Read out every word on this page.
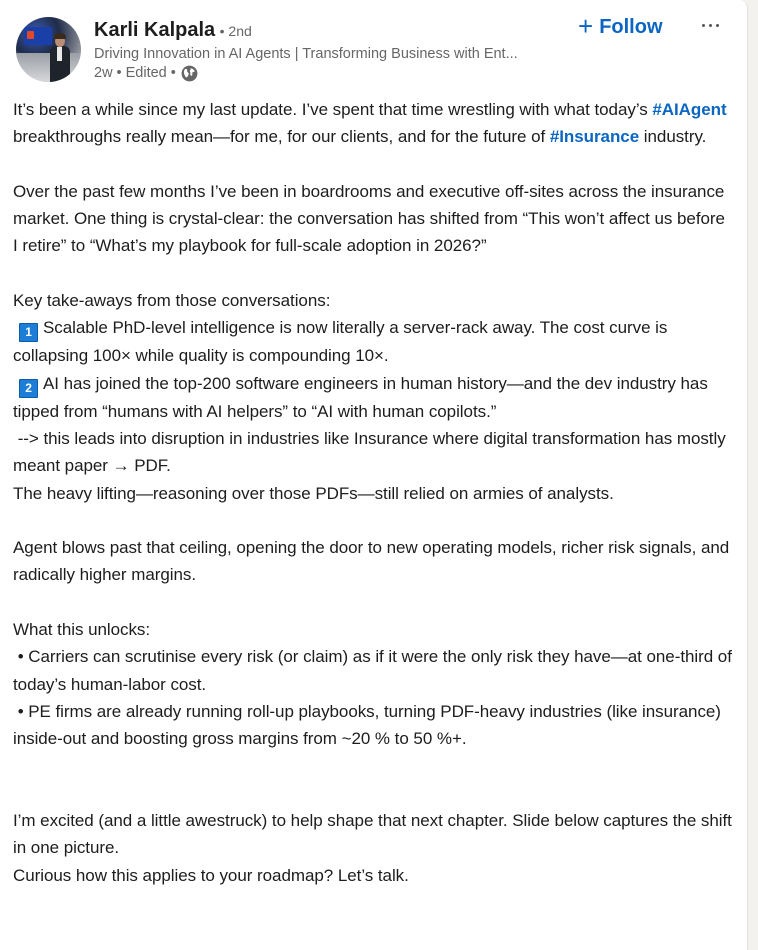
Karli Kalpala • 2nd
Driving Innovation in AI Agents | Transforming Business with Ent...
2w • Edited •
+ Follow

It’s been a while since my last update. I’ve spent that time wrestling with what today’s #AIAgent breakthroughs really mean—for me, for our clients, and for the future of #Insurance industry.

Over the past few months I’ve been in boardrooms and executive off-sites across the insurance market. One thing is crystal-clear: the conversation has shifted from “This won’t affect us before I retire” to “What’s my playbook for full-scale adoption in 2026?”

Key take-aways from those conversations:

1 Scalable PhD-level intelligence is now literally a server-rack away. The cost curve is collapsing 100× while quality is compounding 10×.

2 AI has joined the top-200 software engineers in human history—and the dev industry has tipped from “humans with AI helpers” to “AI with human copilots.”

--> this leads into disruption in industries like Insurance where digital transformation has mostly meant paper → PDF.

The heavy lifting—reasoning over those PDFs—still relied on armies of analysts.

Agent blows past that ceiling, opening the door to new operating models, richer risk signals, and radically higher margins.

What this unlocks:

• Carriers can scrutinise every risk (or claim) as if it were the only risk they have—at one-third of today’s human-labor cost.

• PE firms are already running roll-up playbooks, turning PDF-heavy industries (like insurance) inside-out and boosting gross margins from ~20 % to 50 %+.

I’m excited (and a little awestruck) to help shape that next chapter. Slide below captures the shift in one picture.

Curious how this applies to your roadmap? Let’s talk.
